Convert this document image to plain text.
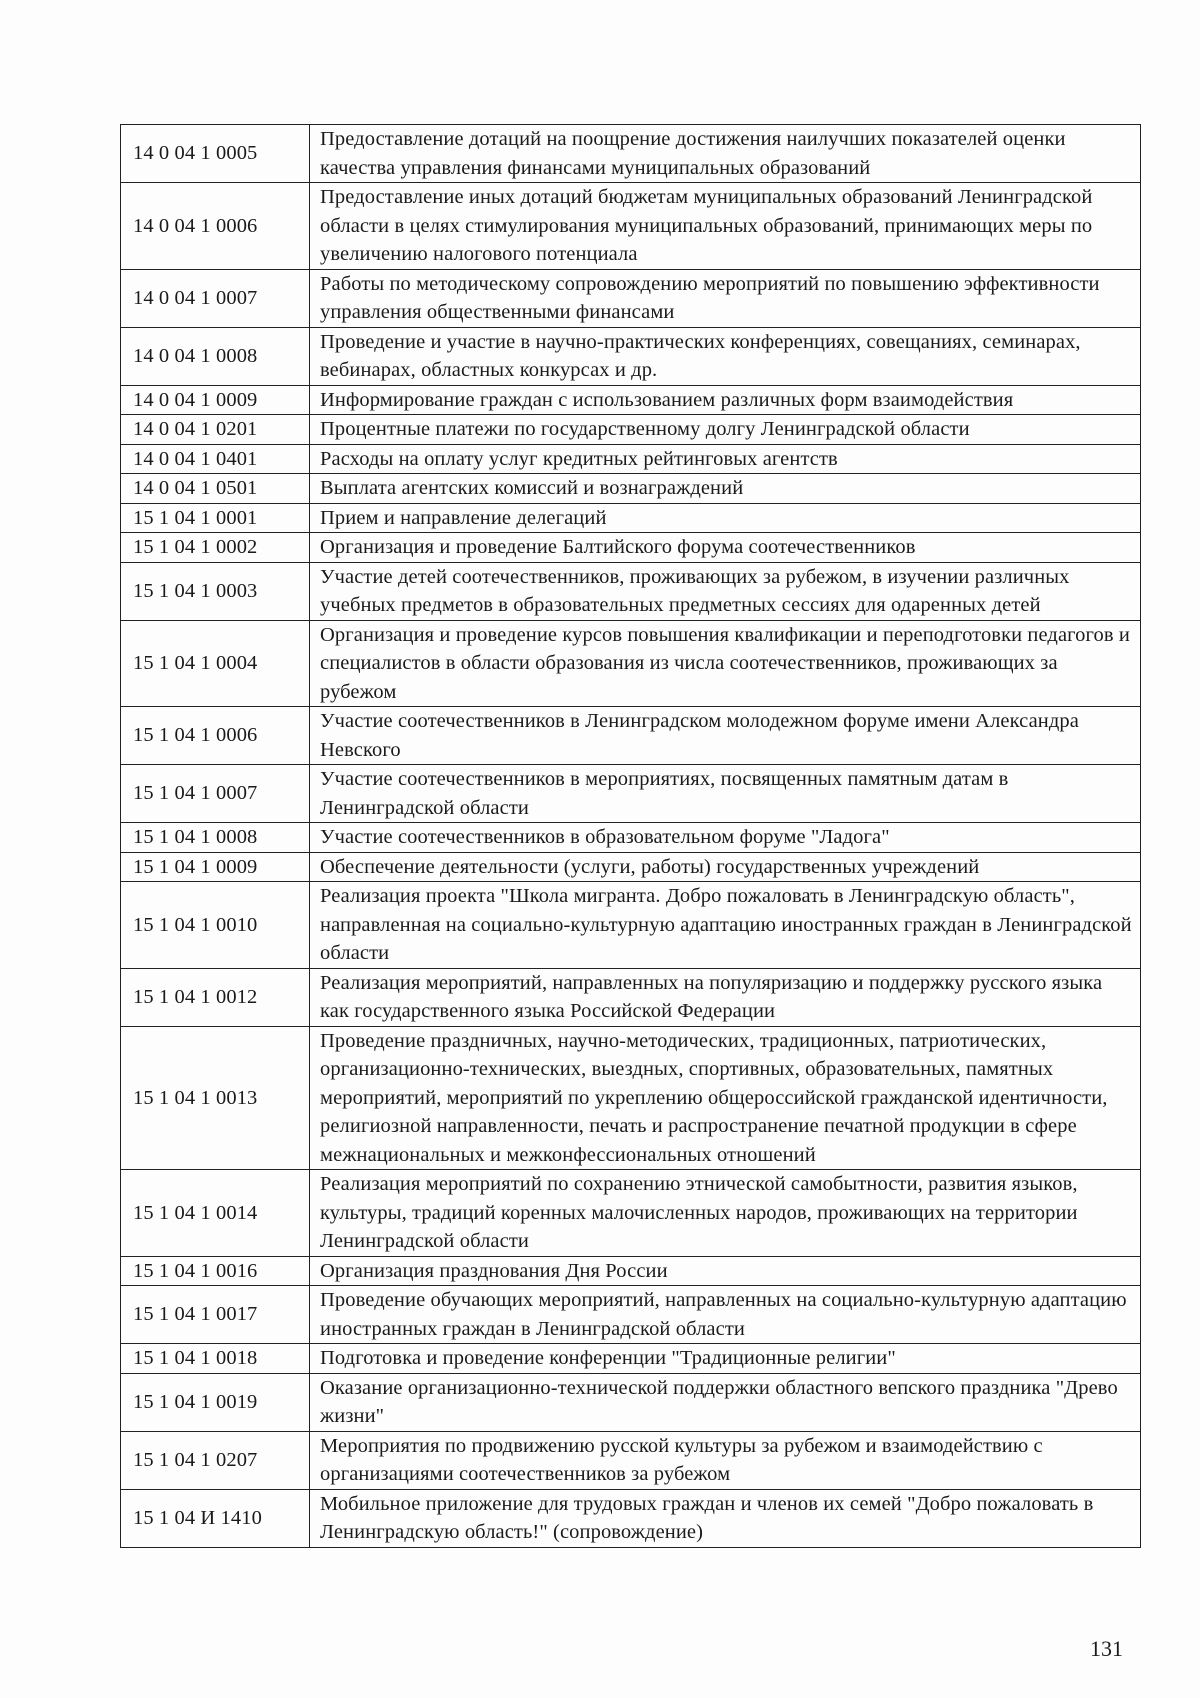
14 0 04 1 0005	Предоставление дотаций на поощрение достижения наилучших показателей оценки качества управления финансами муниципальных образований
14 0 04 1 0006	Предоставление иных дотаций бюджетам муниципальных образований Ленинградской области в целях стимулирования муниципальных образований, принимающих меры по увеличению налогового потенциала
14 0 04 1 0007	Работы по методическому сопровождению мероприятий по повышению эффективности управления общественными финансами
14 0 04 1 0008	Проведение и участие в научно-практических конференциях, совещаниях, семинарах, вебинарах, областных конкурсах и др.
14 0 04 1 0009	Информирование граждан с использованием различных форм взаимодействия
14 0 04 1 0201	Процентные платежи по государственному долгу Ленинградской области
14 0 04 1 0401	Расходы на оплату услуг кредитных рейтинговых агентств
14 0 04 1 0501	Выплата агентских комиссий и вознаграждений
15 1 04 1 0001	Прием и направление делегаций
15 1 04 1 0002	Организация и проведение Балтийского форума соотечественников
15 1 04 1 0003	Участие детей соотечественников, проживающих за рубежом, в изучении различных учебных предметов в образовательных предметных сессиях для одаренных детей
15 1 04 1 0004	Организация и проведение курсов повышения квалификации и переподготовки педагогов и специалистов в области образования из числа соотечественников, проживающих за рубежом
15 1 04 1 0006	Участие соотечественников в Ленинградском молодежном форуме имени Александра Невского
15 1 04 1 0007	Участие соотечественников в мероприятиях, посвященных памятным датам в Ленинградской области
15 1 04 1 0008	Участие соотечественников в образовательном форуме "Ладога"
15 1 04 1 0009	Обеспечение деятельности (услуги, работы) государственных учреждений
15 1 04 1 0010	Реализация проекта "Школа мигранта. Добро пожаловать в Ленинградскую область", направленная на социально-культурную адаптацию иностранных граждан в Ленинградской области
15 1 04 1 0012	Реализация мероприятий, направленных на популяризацию и поддержку русского языка как государственного языка Российской Федерации
15 1 04 1 0013	Проведение праздничных, научно-методических, традиционных, патриотических, организационно-технических, выездных, спортивных, образовательных, памятных мероприятий, мероприятий по укреплению общероссийской гражданской идентичности, религиозной направленности, печать и распространение печатной продукции в сфере межнациональных и межконфессиональных отношений
15 1 04 1 0014	Реализация мероприятий по сохранению этнической самобытности, развития языков, культуры, традиций коренных малочисленных народов, проживающих на территории Ленинградской области
15 1 04 1 0016	Организация празднования Дня России
15 1 04 1 0017	Проведение обучающих мероприятий, направленных на социально-культурную адаптацию иностранных граждан в Ленинградской области
15 1 04 1 0018	Подготовка и проведение конференции "Традиционные религии"
15 1 04 1 0019	Оказание организационно-технической поддержки областного вепского праздника "Древо жизни"
15 1 04 1 0207	Мероприятия по продвижению русской культуры за рубежом и взаимодействию с организациями соотечественников за рубежом
15 1 04 И 1410	Мобильное приложение для трудовых граждан и членов их семей "Добро пожаловать в Ленинградскую область!" (сопровождение)
131
